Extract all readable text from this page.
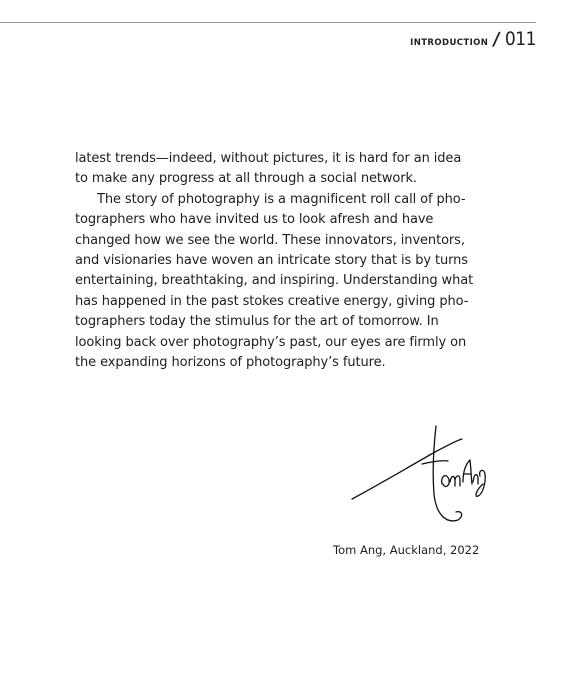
INTRODUCTION / 011
latest trends—indeed, without pictures, it is hard for an idea
to make any progress at all through a social network.
The story of photography is a magnificent roll call of pho-
tographers who have invited us to look afresh and have
changed how we see the world. These innovators, inventors,
and visionaries have woven an intricate story that is by turns
entertaining, breathtaking, and inspiring. Understanding what
has happened in the past stokes creative energy, giving pho-
tographers today the stimulus for the art of tomorrow. In
looking back over photography’s past, our eyes are firmly on
the expanding horizons of photography’s future.
Tom Ang, Auckland, 2022
